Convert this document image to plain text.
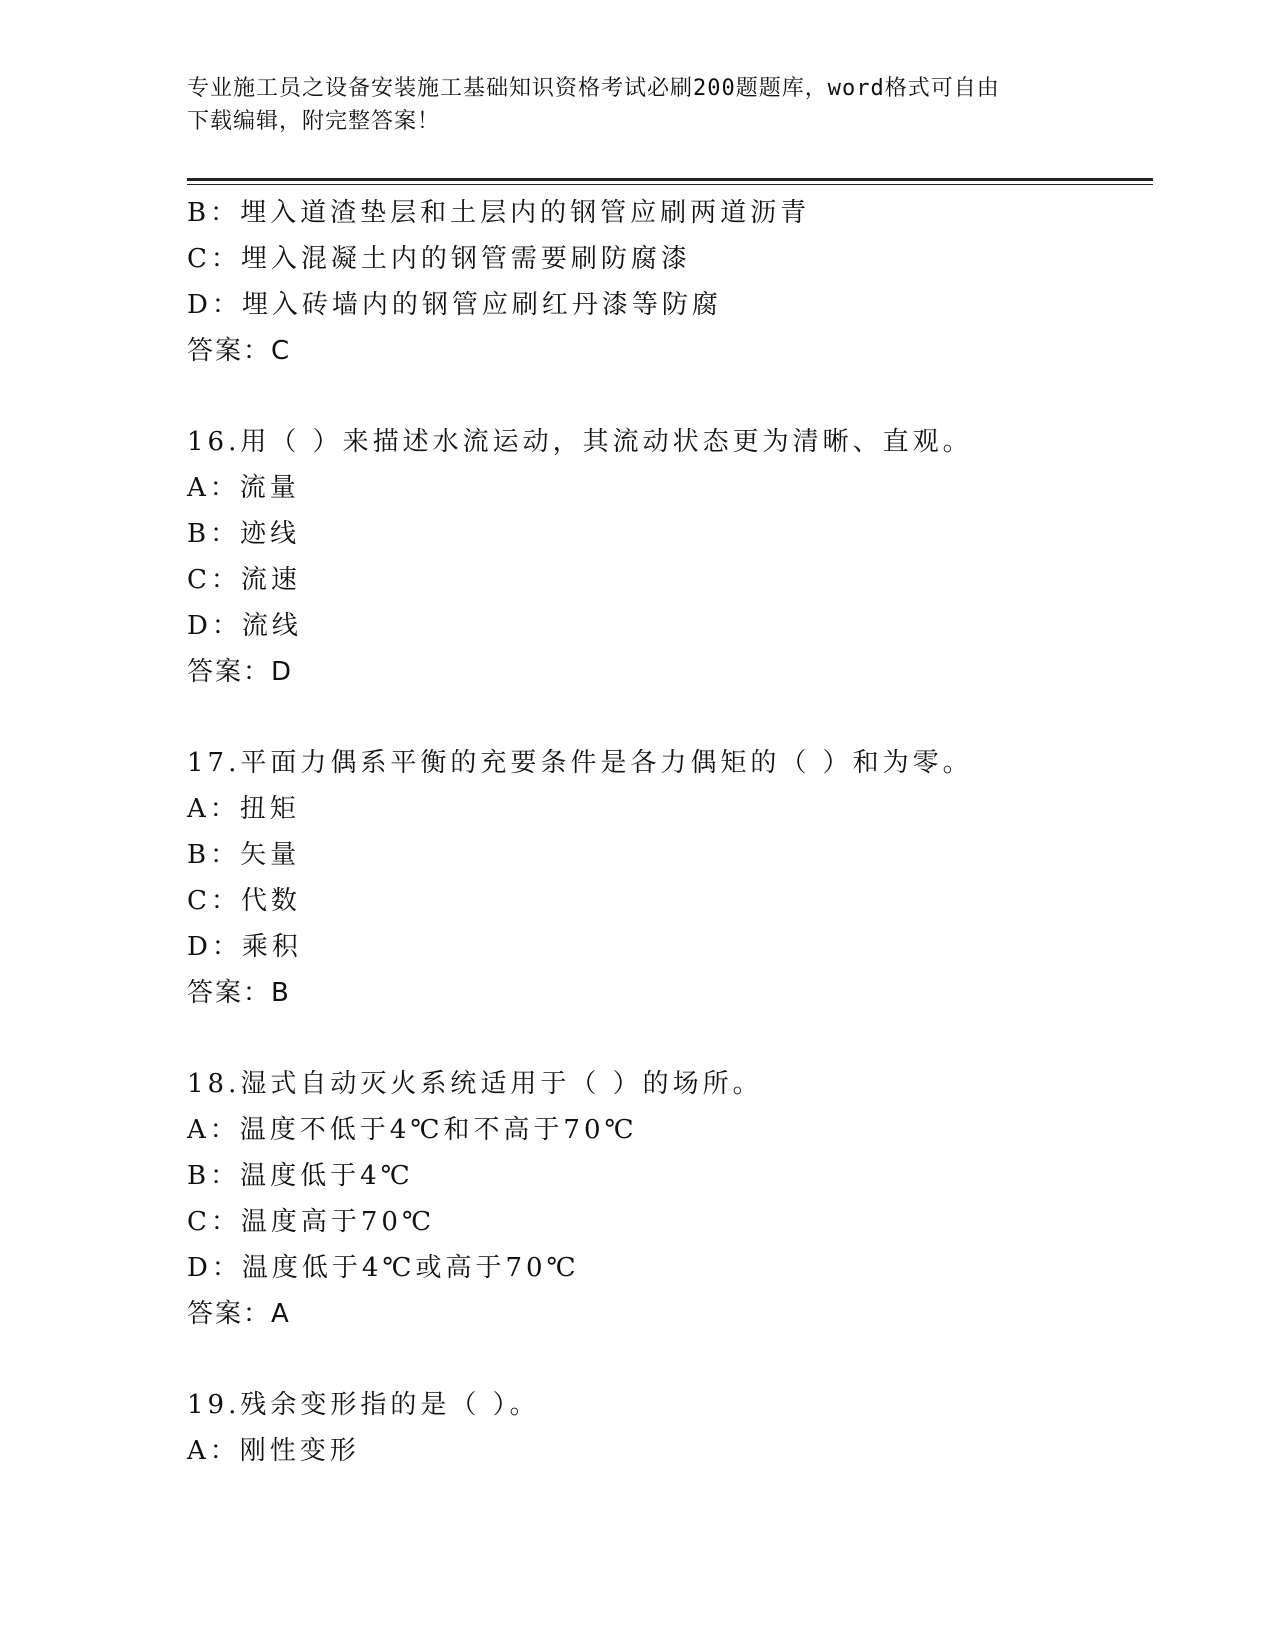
专业施工员之设备安装施工基础知识资格考试必刷200题题库，word格式可自由
下载编辑，附完整答案！
B：埋入道渣垫层和土层内的钢管应刷两道沥青
C：埋入混凝土内的钢管需要刷防腐漆
D：埋入砖墙内的钢管应刷红丹漆等防腐
答案：C
16.用（ ）来描述水流运动，其流动状态更为清晰、直观。
A：流量
B：迹线
C：流速
D：流线
答案：D
17.平面力偶系平衡的充要条件是各力偶矩的（ ）和为零。
A：扭矩
B：矢量
C：代数
D：乘积
答案：B
18.湿式自动灭火系统适用于（ ）的场所。
A：温度不低于4℃和不高于70℃
B：温度低于4℃
C：温度高于70℃
D：温度低于4℃或高于70℃
答案：A
19.残余变形指的是（ ）。
A：刚性变形
